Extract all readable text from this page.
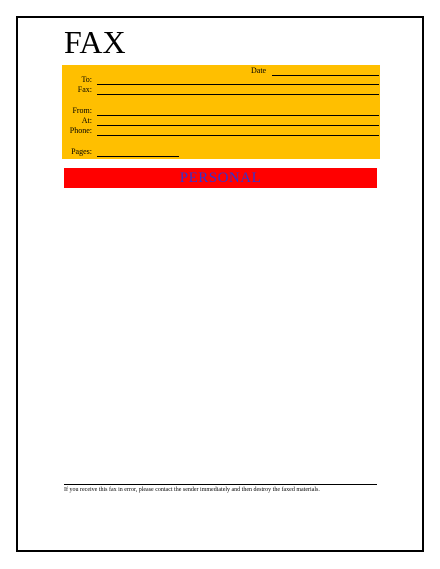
FAX
Date
To:
Fax:
From:
At:
Phone:
Pages:
PERSONAL
If you receive this fax in error, please contact the sender immediately and then destroy the faxed materials.
